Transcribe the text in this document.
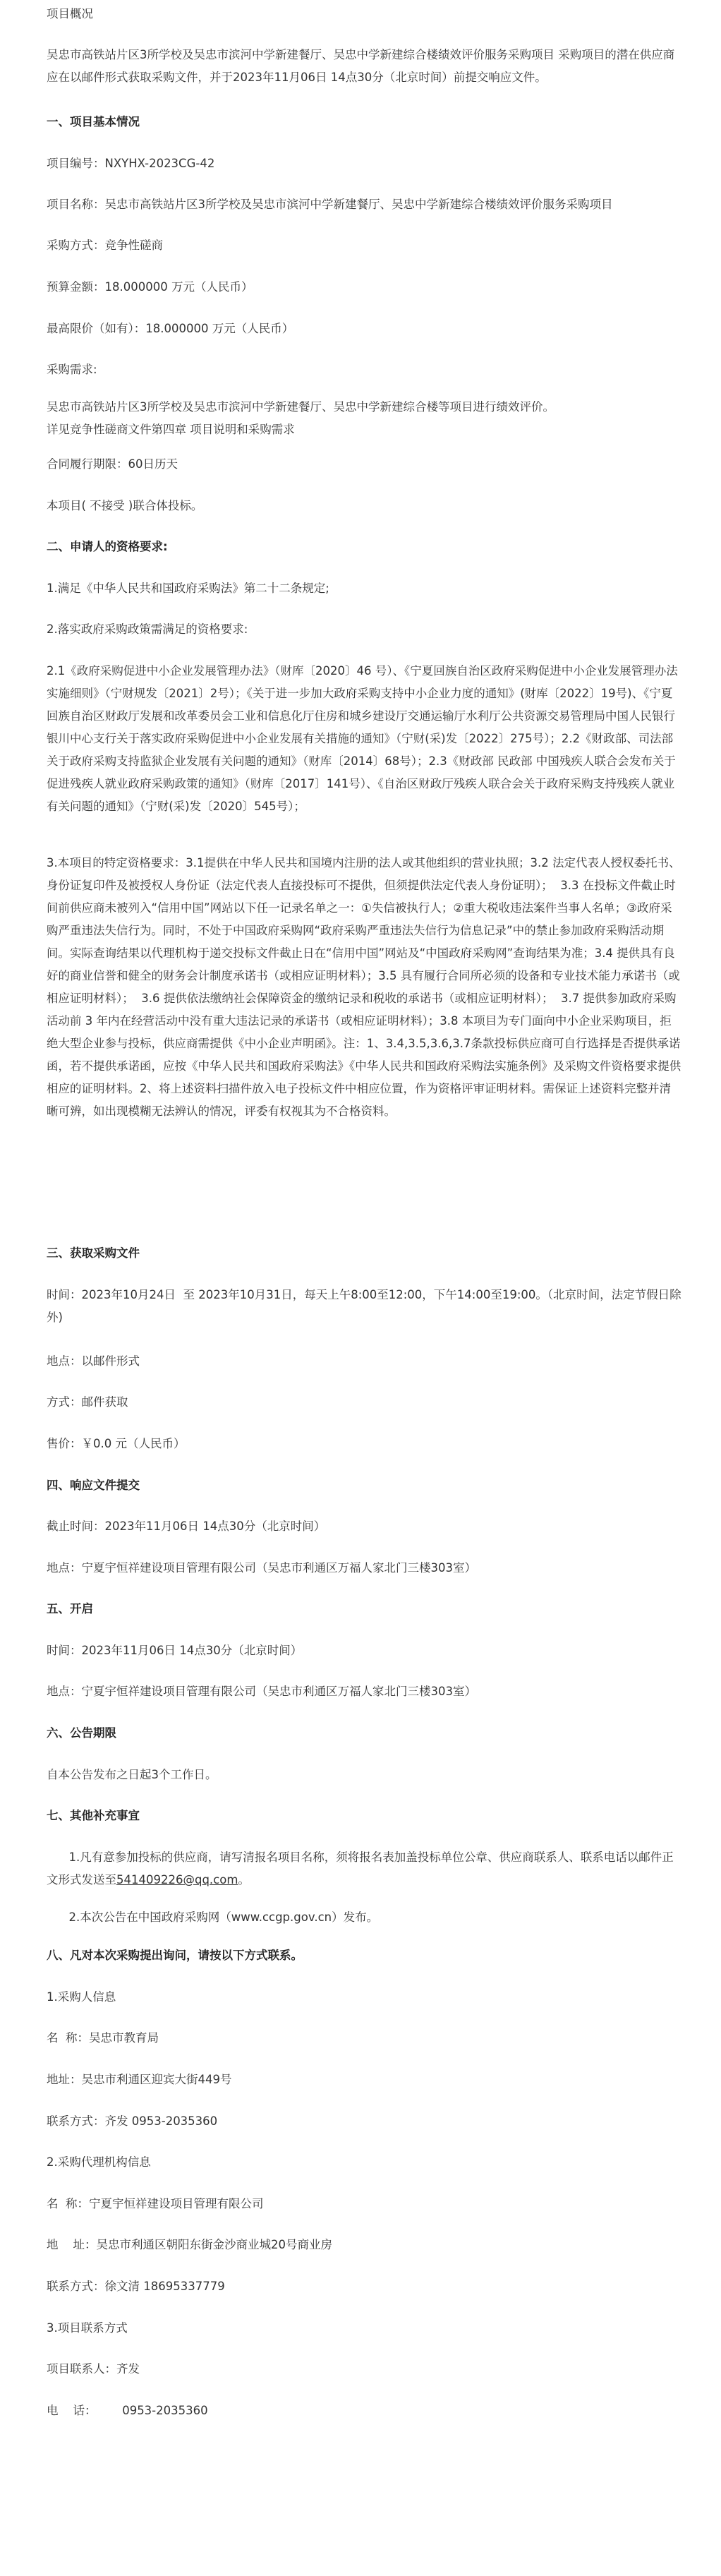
项目概况

吴忠市高铁站片区3所学校及吴忠市滨河中学新建餐厅、吴忠中学新建综合楼绩效评价服务采购项目 采购项目的潜在供应商应在以邮件形式获取采购文件，并于2023年11月06日 14点30分（北京时间）前提交响应文件。

一、项目基本情况

项目编号：NXYHX-2023CG-42

项目名称：吴忠市高铁站片区3所学校及吴忠市滨河中学新建餐厅、吴忠中学新建综合楼绩效评价服务采购项目

采购方式：竞争性磋商

预算金额：18.000000 万元（人民币）

最高限价（如有）：18.000000 万元（人民币）

采购需求:

吴忠市高铁站片区3所学校及吴忠市滨河中学新建餐厅、吴忠中学新建综合楼等项目进行绩效评价。
详见竞争性磋商文件第四章 项目说明和采购需求

合同履行期限：60日历天

本项目( 不接受 )联合体投标。

二、申请人的资格要求:

1.满足《中华人民共和国政府采购法》第二十二条规定;

2.落实政府采购政策需满足的资格要求:

2.1《政府采购促进中小企业发展管理办法》（财库〔2020〕46 号）、《宁夏回族自治区政府采购促进中小企业发展管理办法实施细则》（宁财规发〔2021〕2号）；《关于进一步加大政府采购支持中小企业力度的通知》(财库〔2022〕19号)、《宁夏回族自治区财政厅发展和改革委员会工业和信息化厅住房和城乡建设厅交通运输厅水利厅公共资源交易管理局中国人民银行银川中心支行关于落实政府采购促进中小企业发展有关措施的通知》（宁财(采)发〔2022〕275号）；2.2《财政部、司法部关于政府采购支持监狱企业发展有关问题的通知》（财库〔2014〕68号）；2.3《财政部 民政部 中国残疾人联合会发布关于促进残疾人就业政府采购政策的通知》（财库〔2017〕141号）、《自治区财政厅残疾人联合会关于政府采购支持残疾人就业有关问题的通知》（宁财(采)发〔2020〕545号）；

3.本项目的特定资格要求：3.1提供在中华人民共和国境内注册的法人或其他组织的营业执照；3.2 法定代表人授权委托书、身份证复印件及被授权人身份证（法定代表人直接投标可不提供，但须提供法定代表人身份证明）；  3.3 在投标文件截止时间前供应商未被列入“信用中国”网站以下任一记录名单之一：①失信被执行人；②重大税收违法案件当事人名单；③政府采购严重违法失信行为。同时，不处于中国政府采购网“政府采购严重违法失信行为信息记录”中的禁止参加政府采购活动期间。实际查询结果以代理机构于递交投标文件截止日在“信用中国”网站及“中国政府采购网”查询结果为准；3.4 提供具有良好的商业信誉和健全的财务会计制度承诺书（或相应证明材料）；3.5 具有履行合同所必须的设备和专业技术能力承诺书（或相应证明材料）；  3.6 提供依法缴纳社会保障资金的缴纳记录和税收的承诺书（或相应证明材料）；  3.7 提供参加政府采购活动前 3 年内在经营活动中没有重大违法记录的承诺书（或相应证明材料）；3.8 本项目为专门面向中小企业采购项目，拒绝大型企业参与投标，供应商需提供《中小企业声明函》。注：1、3.4,3.5,3.6,3.7条款投标供应商可自行选择是否提供承诺函，若不提供承诺函，应按《中华人民共和国政府采购法》《中华人民共和国政府采购法实施条例》及采购文件资格要求提供相应的证明材料。2、将上述资料扫描件放入电子投标文件中相应位置，作为资格评审证明材料。需保证上述资料完整并清晰可辨，如出现模糊无法辨认的情况，评委有权视其为不合格资料。

三、获取采购文件

时间：2023年10月24日  至 2023年10月31日，每天上午8:00至12:00，下午14:00至19:00。（北京时间，法定节假日除外)

地点：以邮件形式

方式：邮件获取

售价：￥0.0 元（人民币）

四、响应文件提交

截止时间：2023年11月06日 14点30分（北京时间）

地点：宁夏宇恒祥建设项目管理有限公司（吴忠市利通区万福人家北门三楼303室）

五、开启

时间：2023年11月06日 14点30分（北京时间）

地点：宁夏宇恒祥建设项目管理有限公司（吴忠市利通区万福人家北门三楼303室）

六、公告期限

自本公告发布之日起3个工作日。

七、其他补充事宜

1.凡有意参加投标的供应商，请写清报名项目名称，须将报名表加盖投标单位公章、供应商联系人、联系电话以邮件正文形式发送至541409226@qq.com。

2.本次公告在中国政府采购网（www.ccgp.gov.cn）发布。

八、凡对本次采购提出询问，请按以下方式联系。

1.采购人信息

名  称：吴忠市教育局

地址：吴忠市利通区迎宾大街449号

联系方式：齐发 0953-2035360

2.采购代理机构信息

名  称：宁夏宇恒祥建设项目管理有限公司

地    址：吴忠市利通区朝阳东街金沙商业城20号商业房

联系方式：徐文清 18695337779

3.项目联系方式

项目联系人：齐发

电    话：       0953-2035360
